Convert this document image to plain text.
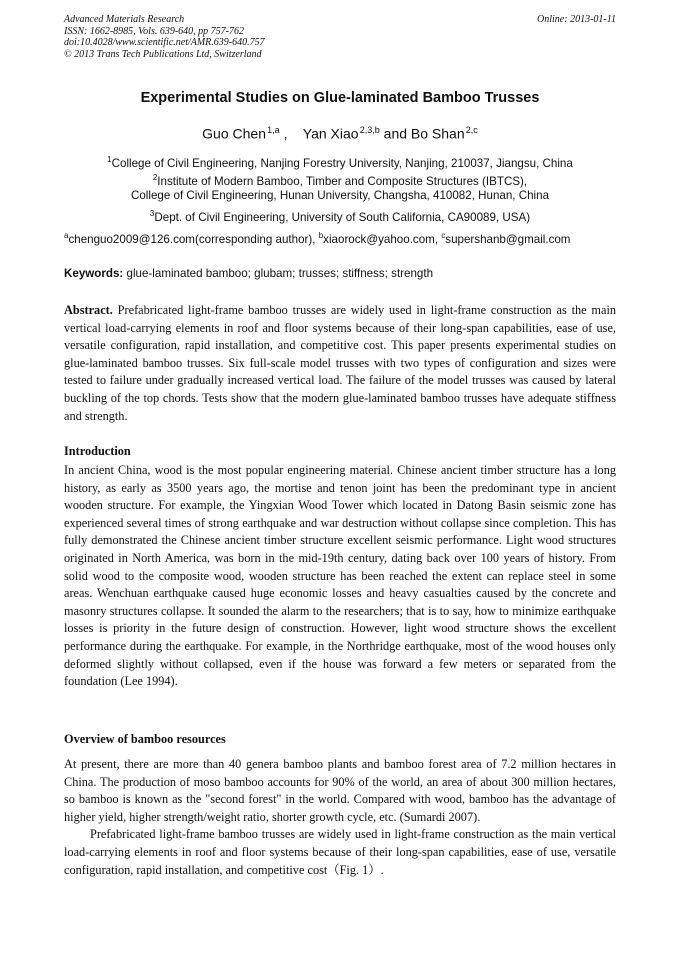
Advanced Materials Research
ISSN: 1662-8985, Vols. 639-640, pp 757-762
doi:10.4028/www.scientific.net/AMR.639-640.757
© 2013 Trans Tech Publications Ltd, Switzerland
Online: 2013-01-11
Experimental Studies on Glue-laminated Bamboo Trusses
Guo Chen $^{1,a}$ , Yan Xiao $^{2,3,b}$ and Bo Shan $^{2,c}$
$^1$College of Civil Engineering, Nanjing Forestry University, Nanjing, 210037, Jiangsu, China
$^2$Institute of Modern Bamboo, Timber and Composite Structures (IBTCS),
College of Civil Engineering, Hunan University, Changsha, 410082, Hunan, China
$^3$Dept. of Civil Engineering, University of South California, CA90089, USA)
$^a$chenguo2009@126.com(corresponding author), $^b$xiaorock@yahoo.com, $^c$supershanb@gmail.com
Keywords: glue-laminated bamboo; glubam; trusses; stiffness; strength

Abstract. Prefabricated light-frame bamboo trusses are widely used in light-frame construction as the main vertical load-carrying elements in roof and floor systems because of their long-span capabilities, ease of use, versatile configuration, rapid installation, and competitive cost. This paper presents experimental studies on glue-laminated bamboo trusses. Six full-scale model trusses with two types of configuration and sizes were tested to failure under gradually increased vertical load. The failure of the model trusses was caused by lateral buckling of the top chords. Tests show that the modern glue-laminated bamboo trusses have adequate stiffness and strength.

Introduction

In ancient China, wood is the most popular engineering material. Chinese ancient timber structure has a long history, as early as 3500 years ago, the mortise and tenon joint has been the predominant type in ancient wooden structure. For example, the Yingxian Wood Tower which located in Datong Basin seismic zone has experienced several times of strong earthquake and war destruction without collapse since completion. This has fully demonstrated the Chinese ancient timber structure excellent seismic performance. Light wood structures originated in North America, was born in the mid-19th century, dating back over 100 years of history. From solid wood to the composite wood, wooden structure has been reached the extent can replace steel in some areas. Wenchuan earthquake caused huge economic losses and heavy casualties caused by the concrete and masonry structures collapse. It sounded the alarm to the researchers; that is to say, how to minimize earthquake losses is priority in the future design of construction. However, light wood structure shows the excellent performance during the earthquake. For example, in the Northridge earthquake, most of the wood houses only deformed slightly without collapsed, even if the house was forward a few meters or separated from the foundation (Lee 1994).

Overview of bamboo resources

At present, there are more than 40 genera bamboo plants and bamboo forest area of 7.2 million hectares in China. The production of moso bamboo accounts for 90% of the world, an area of about 300 million hectares, so bamboo is known as the "second forest" in the world. Compared with wood, bamboo has the advantage of higher yield, higher strength/weight ratio, shorter growth cycle, etc. (Sumardi 2007).

Prefabricated light-frame bamboo trusses are widely used in light-frame construction as the main vertical load-carrying elements in roof and floor systems because of their long-span capabilities, ease of use, versatile configuration, rapid installation, and competitive cost（Fig. 1）.
